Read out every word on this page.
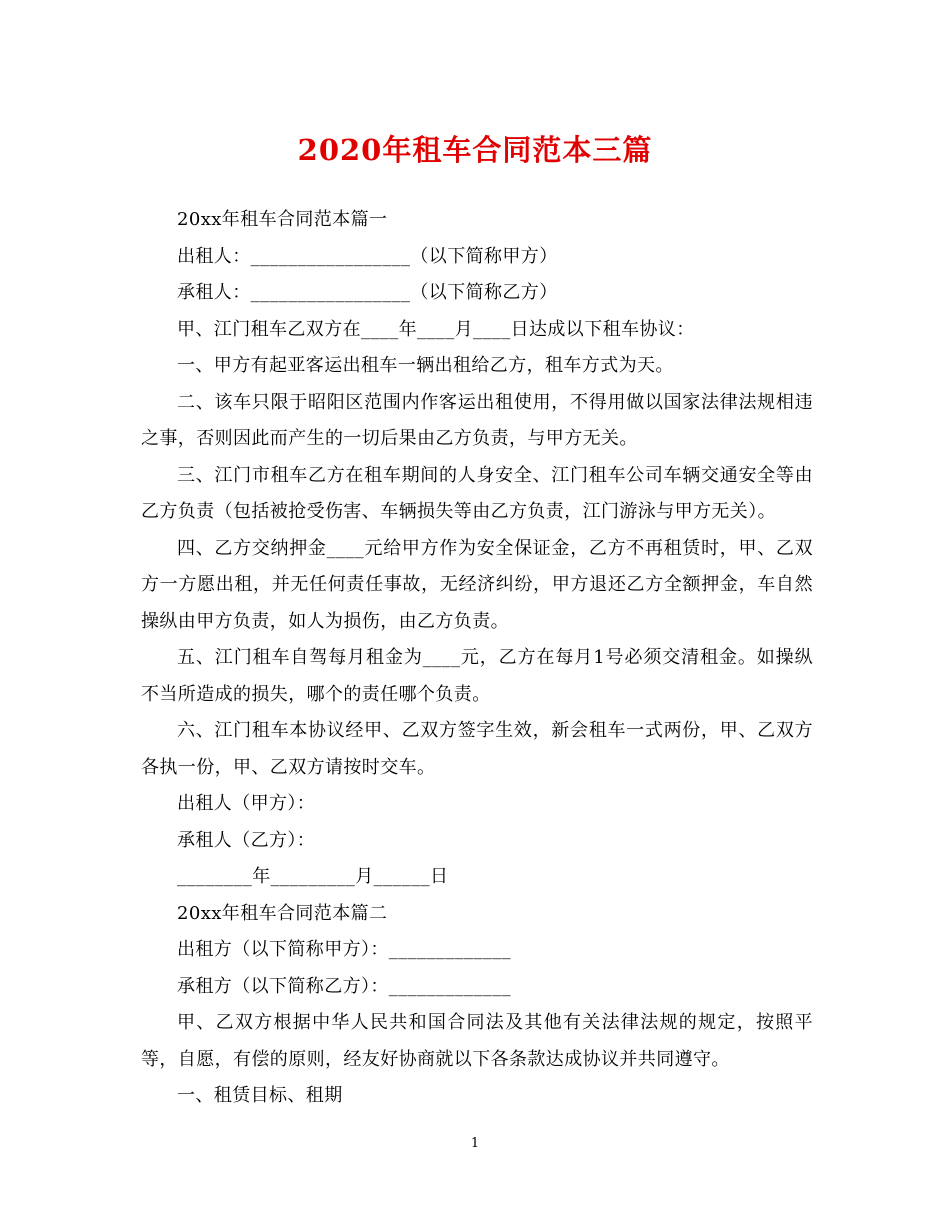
2020年租车合同范本三篇

20xx年租车合同范本篇一

出租人：_________________（以下简称甲方）

承租人：_________________（以下简称乙方）

甲、江门租车乙双方在____年____月____日达成以下租车协议：

一、甲方有起亚客运出租车一辆出租给乙方，租车方式为天。

二、该车只限于昭阳区范围内作客运出租使用，不得用做以国家法律法规相违之事，否则因此而产生的一切后果由乙方负责，与甲方无关。

三、江门市租车乙方在租车期间的人身安全、江门租车公司车辆交通安全等由乙方负责（包括被抢受伤害、车辆损失等由乙方负责，江门游泳与甲方无关）。

四、乙方交纳押金____元给甲方作为安全保证金，乙方不再租赁时，甲、乙双方一方愿出租，并无任何责任事故，无经济纠纷，甲方退还乙方全额押金，车自然操纵由甲方负责，如人为损伤，由乙方负责。

五、江门租车自驾每月租金为____元，乙方在每月1号必须交清租金。如操纵不当所造成的损失，哪个的责任哪个负责。

六、江门租车本协议经甲、乙双方签字生效，新会租车一式两份，甲、乙双方各执一份，甲、乙双方请按时交车。

出租人（甲方）：

承租人（乙方）：

________年_________月______日

20xx年租车合同范本篇二

出租方（以下简称甲方）：_____________

承租方（以下简称乙方）：_____________

甲、乙双方根据中华人民共和国合同法及其他有关法律法规的规定，按照平等，自愿，有偿的原则，经友好协商就以下各条款达成协议并共同遵守。

一、租赁目标、租期

1
